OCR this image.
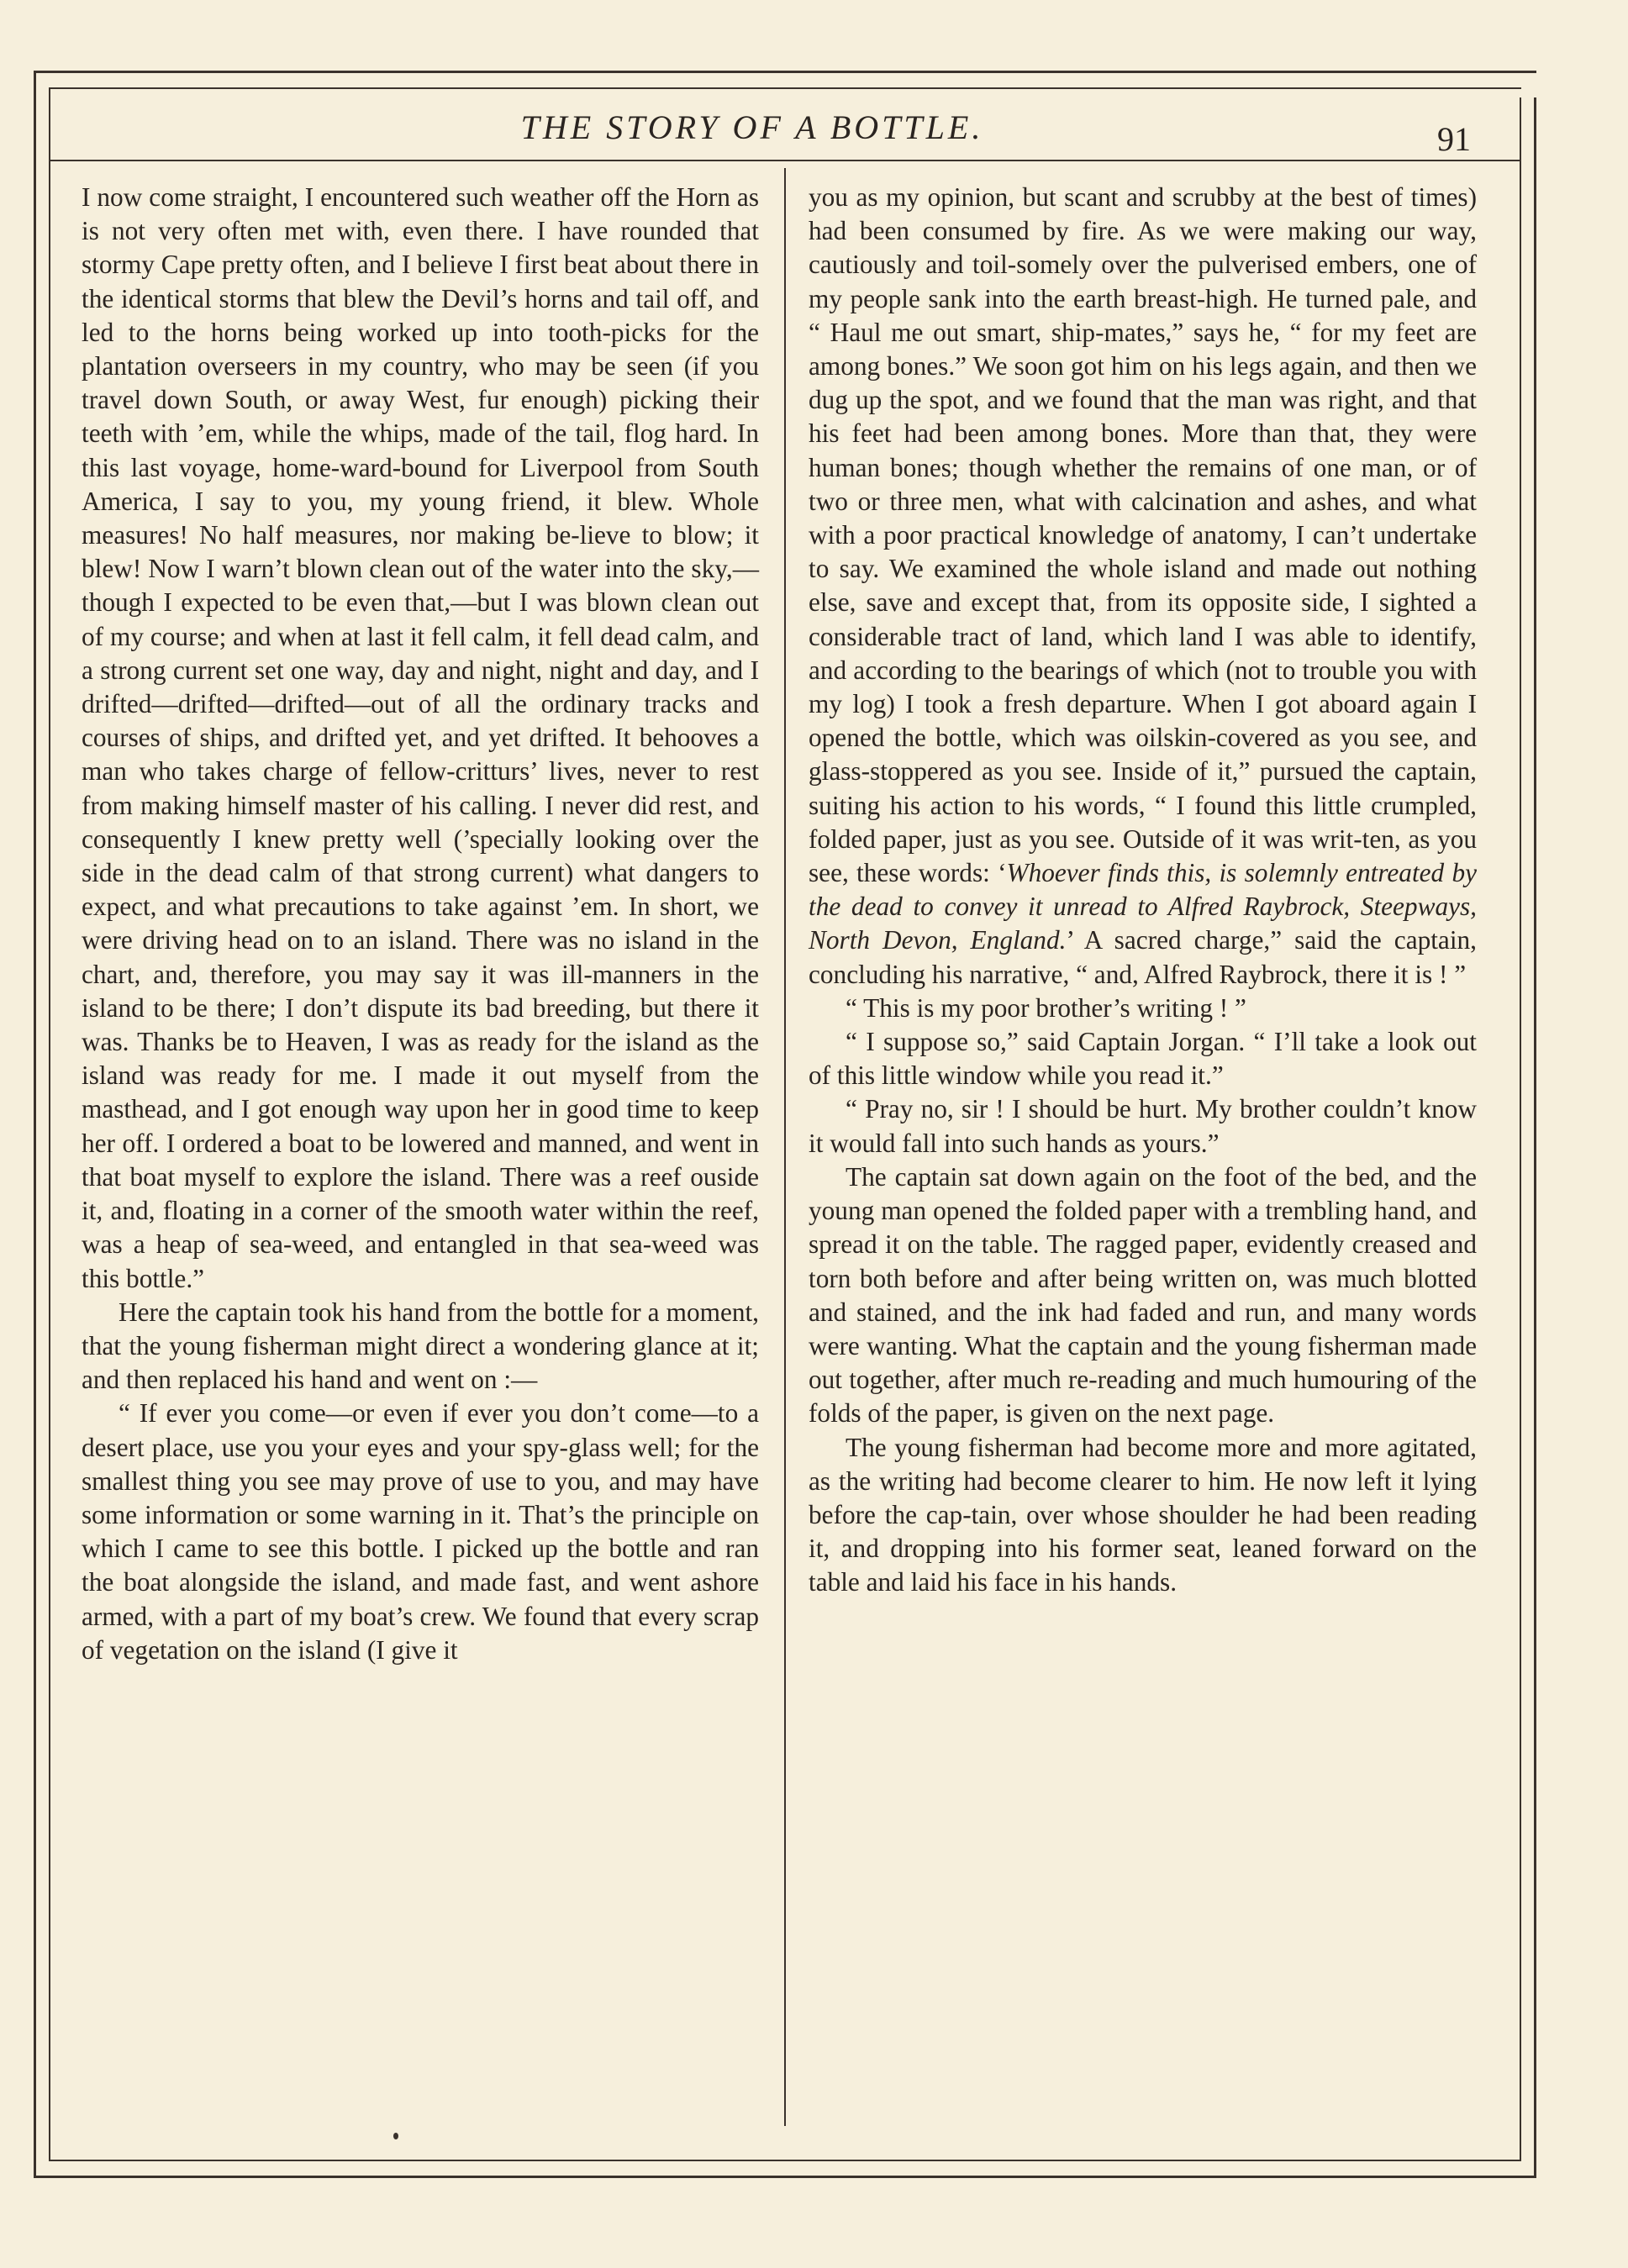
THE STORY OF A BOTTLE.	91

I now come straight, I encountered such weather off the Horn as is not very often met with, even there. I have rounded that stormy Cape pretty often, and I believe I first beat about there in the identical storms that blew the Devil’s horns and tail off, and led to the horns being worked up into tooth-picks for the plantation overseers in my country, who may be seen (if you travel down South, or away West, fur enough) picking their teeth with ’em, while the whips, made of the tail, flog hard. In this last voyage, home-ward-bound for Liverpool from South America, I say to you, my young friend, it blew. Whole measures! No half measures, nor making be-lieve to blow; it blew! Now I warn’t blown clean out of the water into the sky,—though I expected to be even that,—but I was blown clean out of my course; and when at last it fell calm, it fell dead calm, and a strong current set one way, day and night, night and day, and I drifted—drifted—drifted—out of all the ordinary tracks and courses of ships, and drifted yet, and yet drifted. It behooves a man who takes charge of fellow-critturs’ lives, never to rest from making himself master of his calling. I never did rest, and consequently I knew pretty well (’specially looking over the side in the dead calm of that strong current) what dangers to expect, and what precautions to take against ’em. In short, we were driving head on to an island. There was no island in the chart, and, therefore, you may say it was ill-manners in the island to be there; I don’t dispute its bad breeding, but there it was. Thanks be to Heaven, I was as ready for the island as the island was ready for me. I made it out myself from the masthead, and I got enough way upon her in good time to keep her off. I ordered a boat to be lowered and manned, and went in that boat myself to explore the island. There was a reef ouside it, and, floating in a corner of the smooth water within the reef, was a heap of sea-weed, and entangled in that sea-weed was this bottle.”

Here the captain took his hand from the bottle for a moment, that the young fisherman might direct a wondering glance at it; and then replaced his hand and went on :—

“ If ever you come—or even if ever you don’t come—to a desert place, use you your eyes and your spy-glass well; for the smallest thing you see may prove of use to you, and may have some information or some warning in it. That’s the principle on which I came to see this bottle. I picked up the bottle and ran the boat alongside the island, and made fast, and went ashore armed, with a part of my boat’s crew. We found that every scrap of vegetation on the island (I give it

you as my opinion, but scant and scrubby at the best of times) had been consumed by fire. As we were making our way, cautiously and toil-somely over the pulverised embers, one of my people sank into the earth breast-high. He turned pale, and “ Haul me out smart, ship-mates,” says he, “ for my feet are among bones.” We soon got him on his legs again, and then we dug up the spot, and we found that the man was right, and that his feet had been among bones. More than that, they were human bones; though whether the remains of one man, or of two or three men, what with calcination and ashes, and what with a poor practical knowledge of anatomy, I can’t undertake to say. We examined the whole island and made out nothing else, save and except that, from its opposite side, I sighted a considerable tract of land, which land I was able to identify, and according to the bearings of which (not to trouble you with my log) I took a fresh departure. When I got aboard again I opened the bottle, which was oilskin-covered as you see, and glass-stoppered as you see. Inside of it,” pursued the captain, suiting his action to his words, “ I found this little crumpled, folded paper, just as you see. Outside of it was writ-ten, as you see, these words: ‘Whoever finds this, is solemnly entreated by the dead to convey it unread to Alfred Raybrock, Steepways, North Devon, England.’ A sacred charge,” said the captain, concluding his narrative, “ and, Alfred Raybrock, there it is ! ”

“ This is my poor brother’s writing ! ”

“ I suppose so,” said Captain Jorgan. “ I’ll take a look out of this little window while you read it.”

“ Pray no, sir ! I should be hurt. My brother couldn’t know it would fall into such hands as yours.”

The captain sat down again on the foot of the bed, and the young man opened the folded paper with a trembling hand, and spread it on the table. The ragged paper, evidently creased and torn both before and after being written on, was much blotted and stained, and the ink had faded and run, and many words were wanting. What the captain and the young fisherman made out together, after much re-reading and much humouring of the folds of the paper, is given on the next page.

The young fisherman had become more and more agitated, as the writing had become clearer to him. He now left it lying before the cap-tain, over whose shoulder he had been reading it, and dropping into his former seat, leaned forward on the table and laid his face in his hands.
